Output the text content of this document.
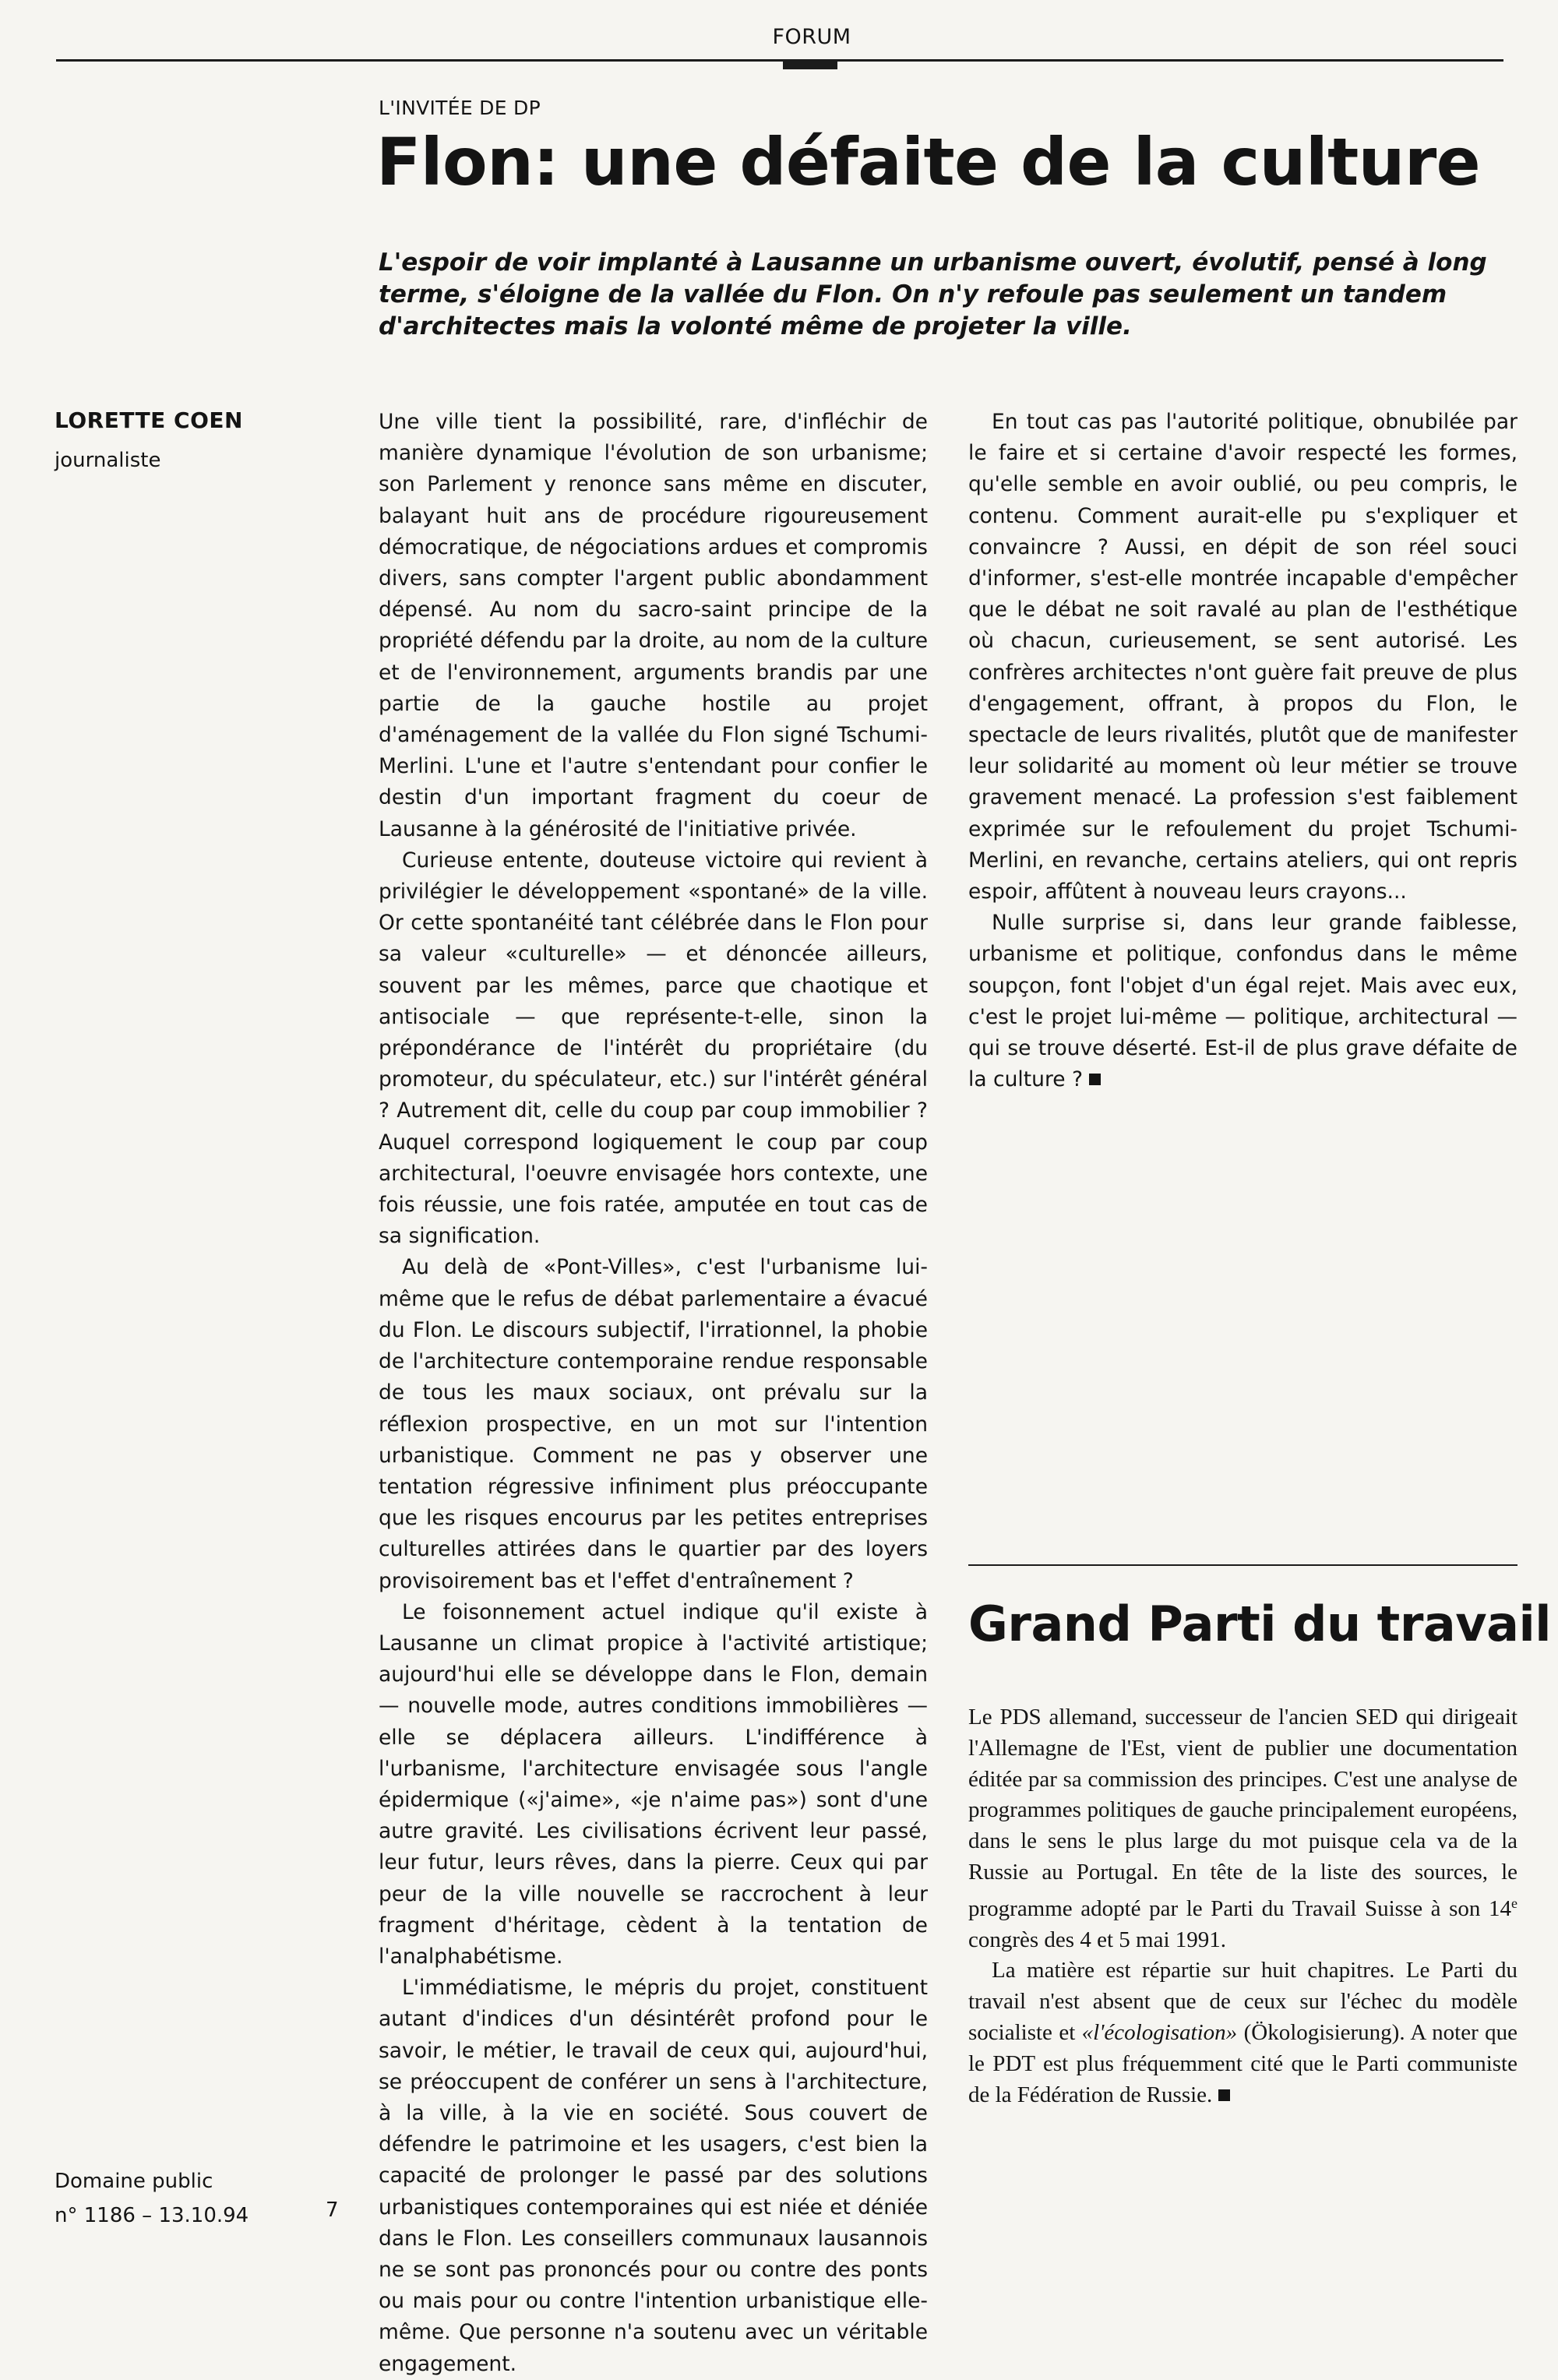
FORUM
L'INVITÉE DE DP
Flon: une défaite de la culture
L'espoir de voir implanté à Lausanne un urbanisme ouvert, évolutif, pensé à long terme, s'éloigne de la vallée du Flon. On n'y refoule pas seulement un tandem d'architectes mais la volonté même de projeter la ville.
LORETTE COEN
journaliste

Une ville tient la possibilité, rare, d'infléchir de manière dynamique l'évolution de son urbanisme; son Parlement y renonce sans même en discuter, balayant huit ans de procédure rigoureusement démocratique, de négociations ardues et compromis divers, sans compter l'argent public abondamment dépensé. Au nom du sacro-saint principe de la propriété défendu par la droite, au nom de la culture et de l'environnement, arguments brandis par une partie de la gauche hostile au projet d'aménagement de la vallée du Flon signé Tschumi-Merlini. L'une et l'autre s'entendant pour confier le destin d'un important fragment du coeur de Lausanne à la générosité de l'initiative privée.

Curieuse entente, douteuse victoire qui revient à privilégier le développement «spontané» de la ville. Or cette spontanéité tant célébrée dans le Flon pour sa valeur «culturelle» — et dénoncée ailleurs, souvent par les mêmes, parce que chaotique et antisociale — que représente-t-elle, sinon la prépondérance de l'intérêt du propriétaire (du promoteur, du spéculateur, etc.) sur l'intérêt général ? Autrement dit, celle du coup par coup immobilier ? Auquel correspond logiquement le coup par coup architectural, l'oeuvre envisagée hors contexte, une fois réussie, une fois ratée, amputée en tout cas de sa signification.

Au delà de «Pont-Villes», c'est l'urbanisme lui-même que le refus de débat parlementaire a évacué du Flon. Le discours subjectif, l'irrationnel, la phobie de l'architecture contemporaine rendue responsable de tous les maux sociaux, ont prévalu sur la réflexion prospective, en un mot sur l'intention urbanistique. Comment ne pas y observer une tentation régressive infiniment plus préoccupante que les risques encourus par les petites entreprises culturelles attirées dans le quartier par des loyers provisoirement bas et l'effet d'entraînement ?

Le foisonnement actuel indique qu'il existe à Lausanne un climat propice à l'activité artistique; aujourd'hui elle se développe dans le Flon, demain — nouvelle mode, autres conditions immobilières — elle se déplacera ailleurs. L'indifférence à l'urbanisme, l'architecture envisagée sous l'angle épidermique («j'aime», «je n'aime pas») sont d'une autre gravité. Les civilisations écrivent leur passé, leur futur, leurs rêves, dans la pierre. Ceux qui par peur de la ville nouvelle se raccrochent à leur fragment d'héritage, cèdent à la tentation de l'analphabétisme.

L'immédiatisme, le mépris du projet, constituent autant d'indices d'un désintérêt profond pour le savoir, le métier, le travail de ceux qui, aujourd'hui, se préoccupent de conférer un sens à l'architecture, à la ville, à la vie en société. Sous couvert de défendre le patrimoine et les usagers, c'est bien la capacité de prolonger le passé par des solutions urbanistiques contemporaines qui est niée et déniée dans le Flon. Les conseillers communaux lausannois ne se sont pas prononcés pour ou contre des ponts ou mais pour ou contre l'intention urbanistique elle-même. Que personne n'a soutenu avec un véritable engagement.

En tout cas pas l'autorité politique, obnubilée par le faire et si certaine d'avoir respecté les formes, qu'elle semble en avoir oublié, ou peu compris, le contenu. Comment aurait-elle pu s'expliquer et convaincre ? Aussi, en dépit de son réel souci d'informer, s'est-elle montrée incapable d'empêcher que le débat ne soit ravalé au plan de l'esthétique où chacun, curieusement, se sent autorisé. Les confrères architectes n'ont guère fait preuve de plus d'engagement, offrant, à propos du Flon, le spectacle de leurs rivalités, plutôt que de manifester leur solidarité au moment où leur métier se trouve gravement menacé. La profession s'est faiblement exprimée sur le refoulement du projet Tschumi-Merlini, en revanche, certains ateliers, qui ont repris espoir, affûtent à nouveau leurs crayons...

Nulle surprise si, dans leur grande faiblesse, urbanisme et politique, confondus dans le même soupçon, font l'objet d'un égal rejet. Mais avec eux, c'est le projet lui-même — politique, architectural — qui se trouve déserté. Est-il de plus grave défaite de la culture ?

Grand Parti du travail

Le PDS allemand, successeur de l'ancien SED qui dirigeait l'Allemagne de l'Est, vient de publier une documentation éditée par sa commission des principes. C'est une analyse de programmes politiques de gauche principalement européens, dans le sens le plus large du mot puisque cela va de la Russie au Portugal. En tête de la liste des sources, le programme adopté par le Parti du Travail Suisse à son 14e congrès des 4 et 5 mai 1991.

La matière est répartie sur huit chapitres. Le Parti du travail n'est absent que de ceux sur l'échec du modèle socialiste et «l'écologisation» (Ökologisierung). A noter que le PDT est plus fréquemment cité que le Parti communiste de la Fédération de Russie.

Domaine public
n° 1186 – 13.10.94	7
